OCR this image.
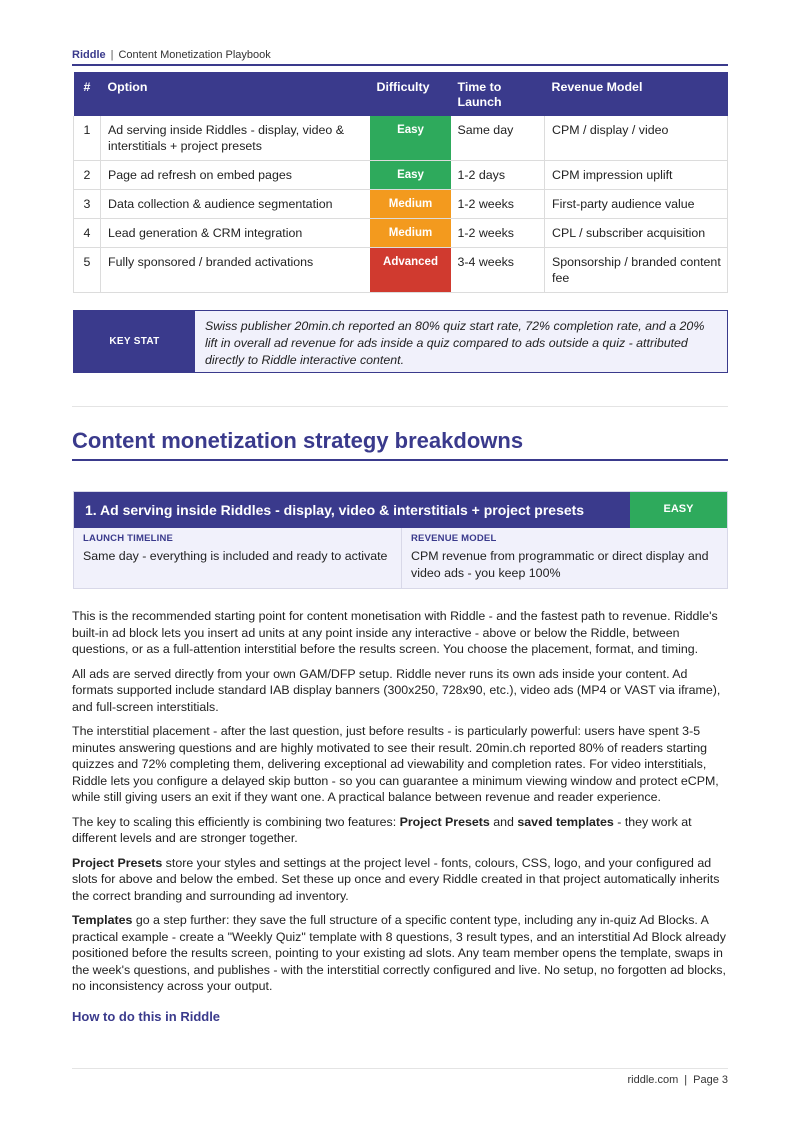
Riddle | Content Monetization Playbook
#	Option	Difficulty	Time to Launch	Revenue Model
1	Ad serving inside Riddles - display, video & interstitials + project presets	Easy	Same day	CPM / display / video
2	Page ad refresh on embed pages	Easy	1-2 days	CPM impression uplift
3	Data collection & audience segmentation	Medium	1-2 weeks	First-party audience value
4	Lead generation & CRM integration	Medium	1-2 weeks	CPL / subscriber acquisition
5	Fully sponsored / branded activations	Advanced	3-4 weeks	Sponsorship / branded content fee
KEY STAT
Swiss publisher 20min.ch reported an 80% quiz start rate, 72% completion rate, and a 20% lift in overall ad revenue for ads inside a quiz compared to ads outside a quiz - attributed directly to Riddle interactive content.
Content monetization strategy breakdowns
1. Ad serving inside Riddles - display, video & interstitials + project presets	EASY
LAUNCH TIMELINE
Same day - everything is included and ready to activate
REVENUE MODEL
CPM revenue from programmatic or direct display and video ads - you keep 100%

This is the recommended starting point for content monetisation with Riddle - and the fastest path to revenue. Riddle's built-in ad block lets you insert ad units at any point inside any interactive - above or below the Riddle, between questions, or as a full-attention interstitial before the results screen. You choose the placement, format, and timing.

All ads are served directly from your own GAM/DFP setup. Riddle never runs its own ads inside your content. Ad formats supported include standard IAB display banners (300x250, 728x90, etc.), video ads (MP4 or VAST via iframe), and full-screen interstitials.

The interstitial placement - after the last question, just before results - is particularly powerful: users have spent 3-5 minutes answering questions and are highly motivated to see their result. 20min.ch reported 80% of readers starting quizzes and 72% completing them, delivering exceptional ad viewability and completion rates. For video interstitials, Riddle lets you configure a delayed skip button - so you can guarantee a minimum viewing window and protect eCPM, while still giving users an exit if they want one. A practical balance between revenue and reader experience.

The key to scaling this efficiently is combining two features: Project Presets and saved templates - they work at different levels and are stronger together.

Project Presets store your styles and settings at the project level - fonts, colours, CSS, logo, and your configured ad slots for above and below the embed. Set these up once and every Riddle created in that project automatically inherits the correct branding and surrounding ad inventory.

Templates go a step further: they save the full structure of a specific content type, including any in-quiz Ad Blocks. A practical example - create a "Weekly Quiz" template with 8 questions, 3 result types, and an interstitial Ad Block already positioned before the results screen, pointing to your existing ad slots. Any team member opens the template, swaps in the week's questions, and publishes - with the interstitial correctly configured and live. No setup, no forgotten ad blocks, no inconsistency across your output.

How to do this in Riddle
riddle.com | Page 3
